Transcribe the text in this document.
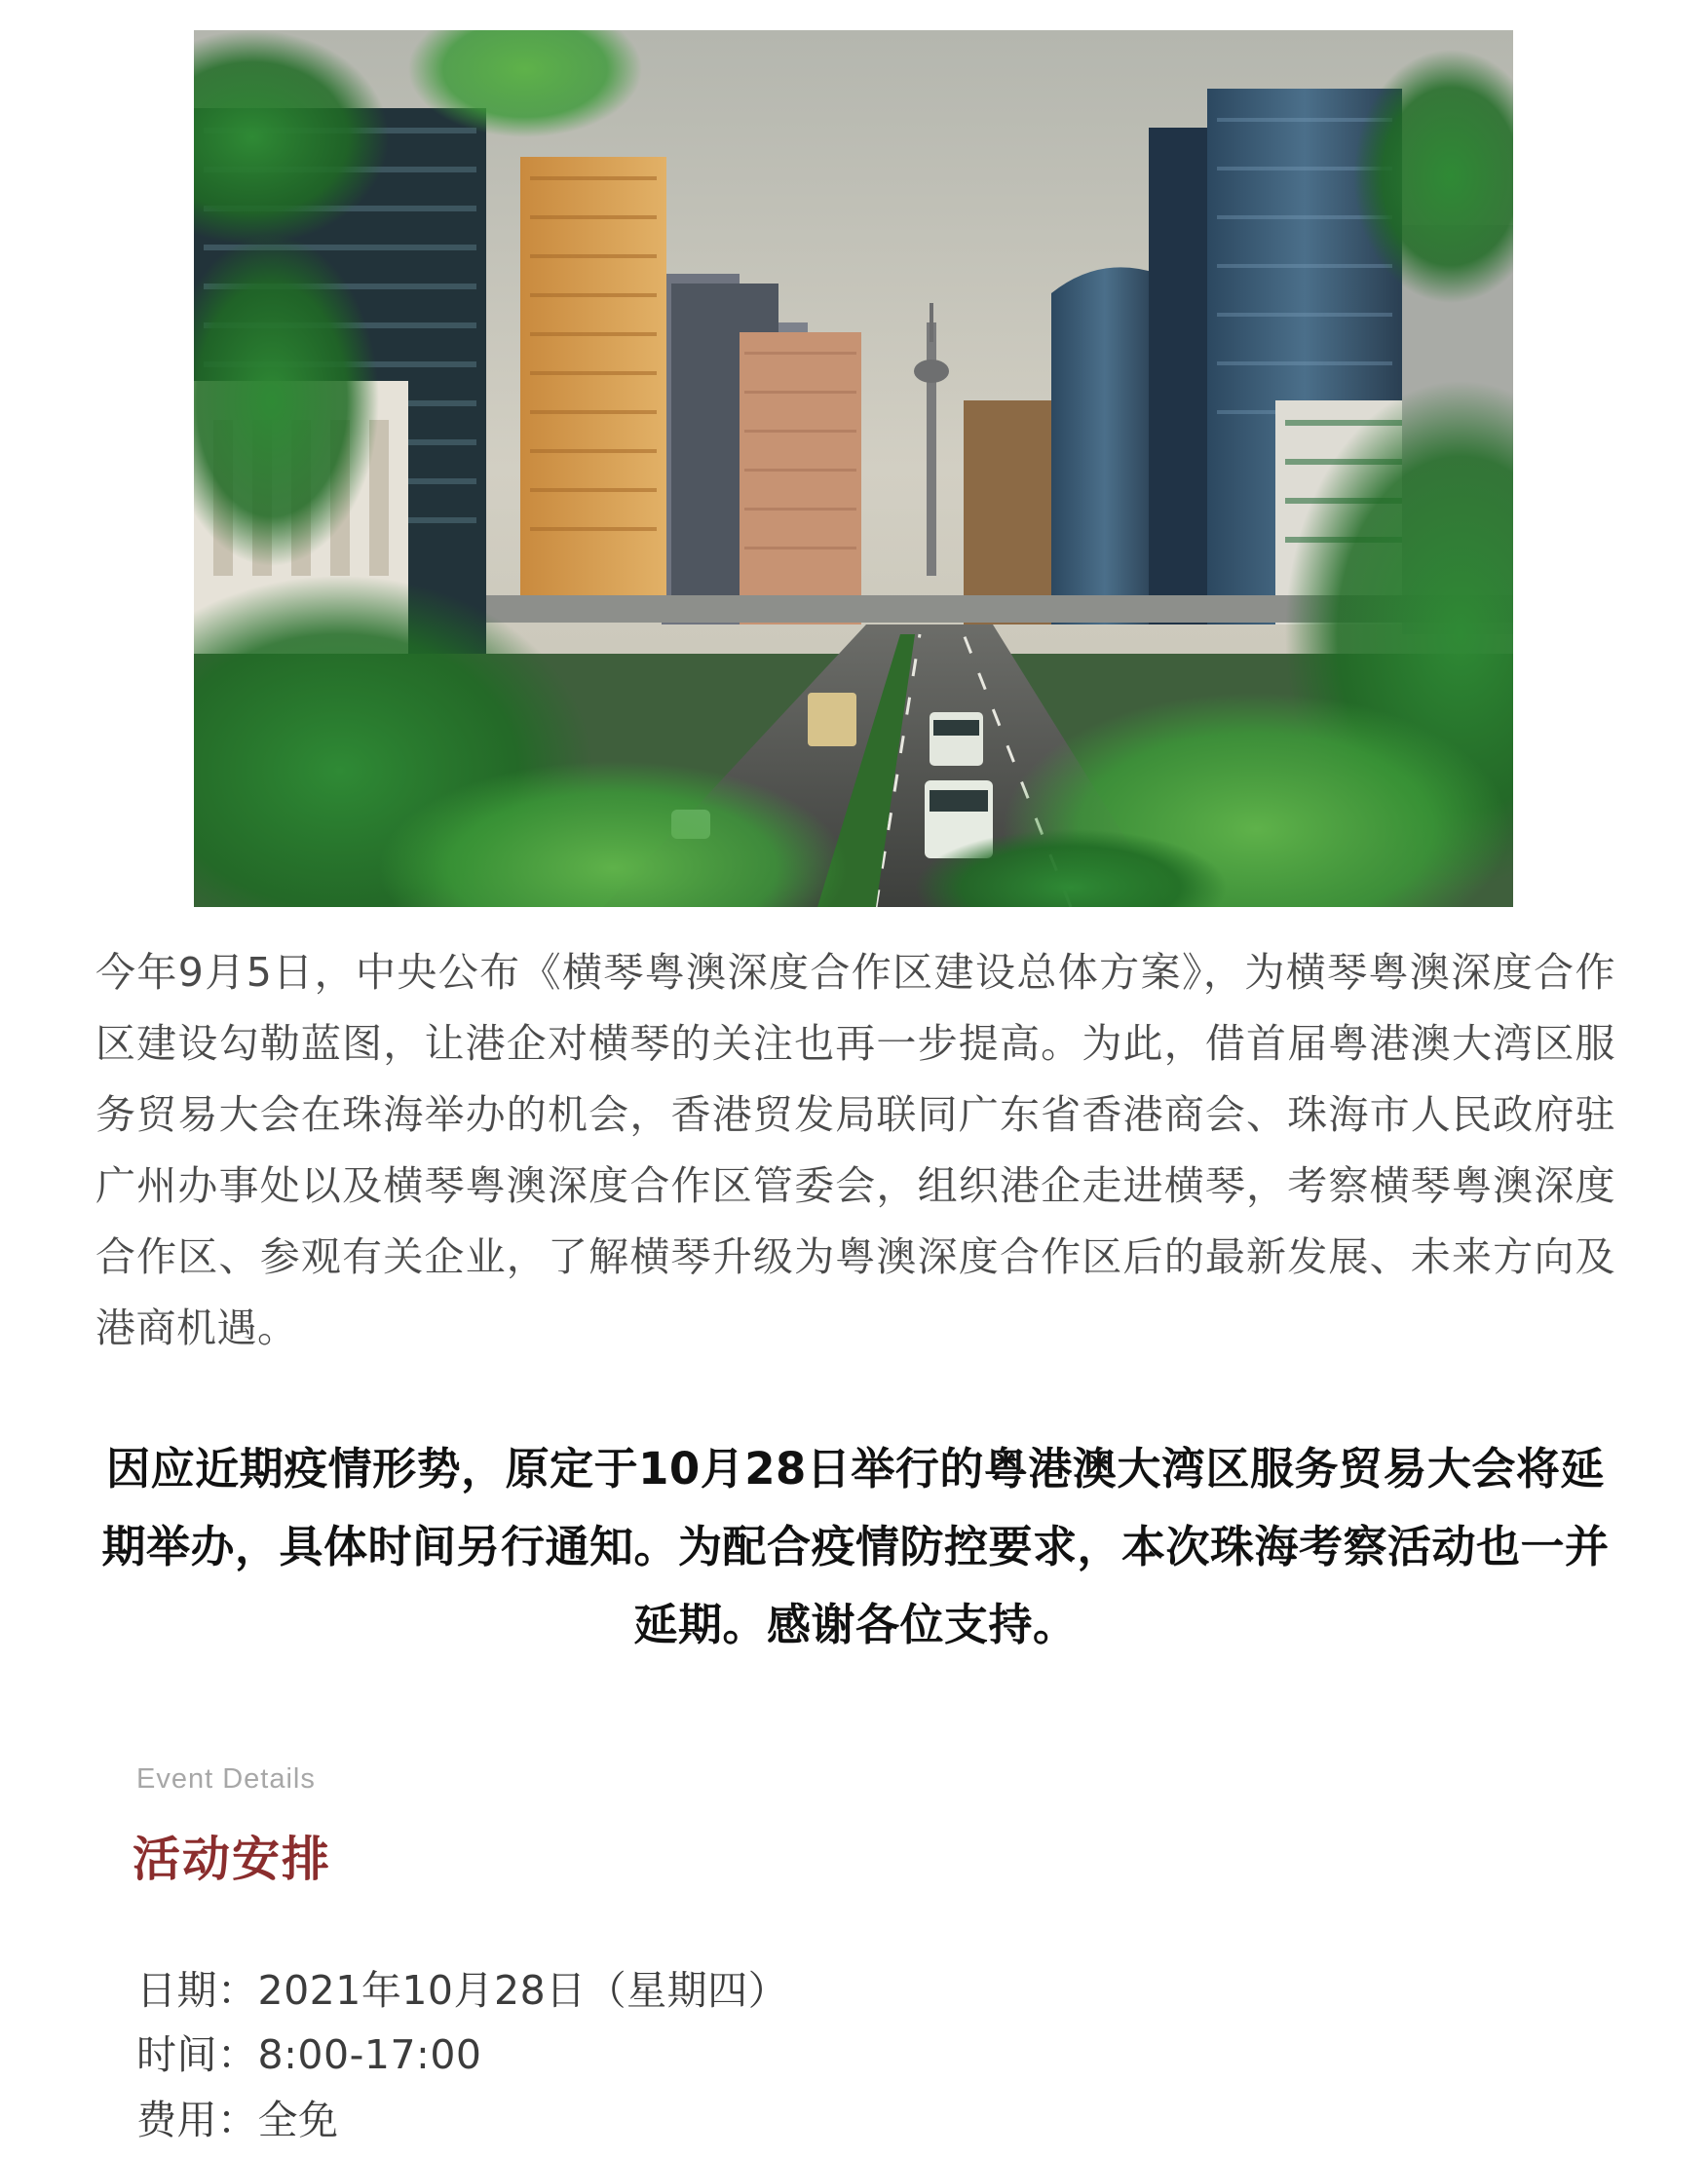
今年9月5日，中央公布《横琴粤澳深度合作区建设总体方案》，为横琴粤澳深度合作区建设勾勒蓝图，让港企对横琴的关注也再一步提高。为此，借首届粤港澳大湾区服务贸易大会在珠海举办的机会，香港贸发局联同广东省香港商会、珠海市人民政府驻广州办事处以及横琴粤澳深度合作区管委会，组织港企走进横琴，考察横琴粤澳深度合作区、参观有关企业，了解横琴升级为粤澳深度合作区后的最新发展、未来方向及港商机遇。

因应近期疫情形势，原定于10月28日举行的粤港澳大湾区服务贸易大会将延期举办，具体时间另行通知。为配合疫情防控要求，本次珠海考察活动也一并延期。感谢各位支持。

Event Details
活动安排
日期：2021年10月28日（星期四）
时间：8:00-17:00
费用：全免
